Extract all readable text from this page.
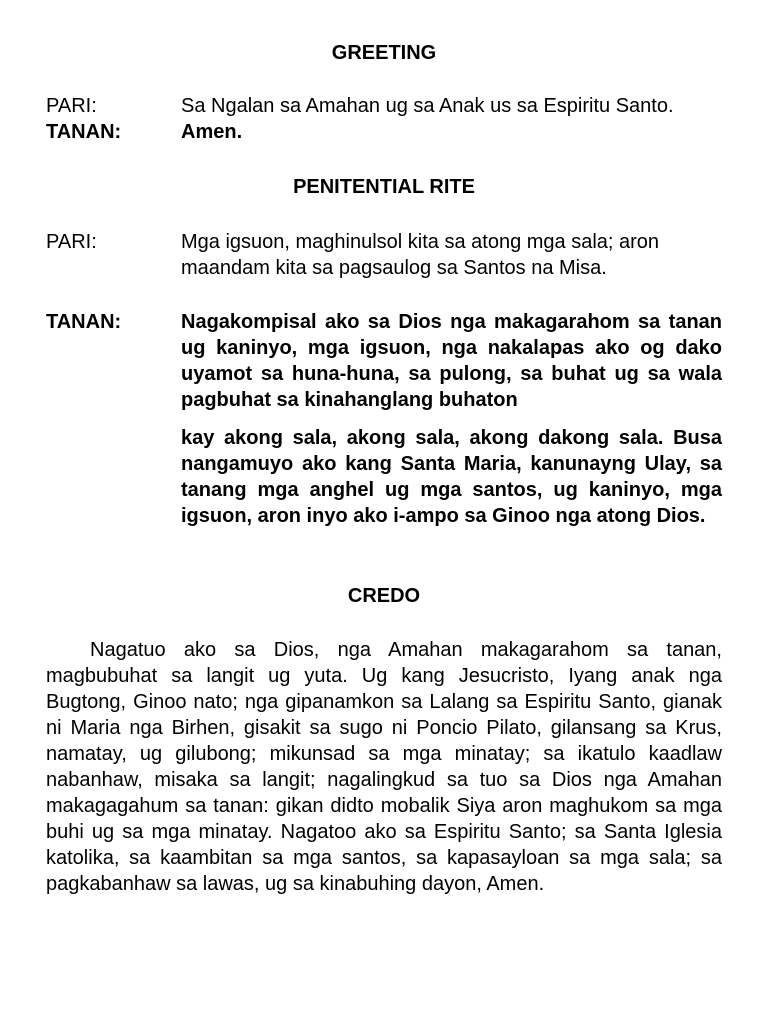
GREETING
PARI:	Sa Ngalan sa Amahan ug sa Anak us sa Espiritu Santo.
TANAN:	Amen.
PENITENTIAL RITE
PARI:	Mga igsuon, maghinulsol kita sa atong mga sala; aron maandam kita sa pagsaulog sa Santos na Misa.
TANAN:	Nagakompisal ako sa Dios nga makagarahom sa tanan ug kaninyo, mga igsuon, nga nakalapas ako og dako uyamot sa huna-huna, sa pulong, sa buhat ug sa wala pagbuhat sa kinahanglang buhaton
kay akong sala, akong sala, akong dakong sala. Busa nangamuyo ako kang Santa Maria, kanunayng Ulay, sa tanang mga anghel ug mga santos, ug kaninyo, mga igsuon, aron inyo ako i-ampo sa Ginoo nga atong Dios.
CREDO

Nagatuo ako sa Dios, nga Amahan makagarahom sa tanan, magbubuhat sa langit ug yuta. Ug kang Jesucristo, Iyang anak nga Bugtong, Ginoo nato; nga gipanamkon sa Lalang sa Espiritu Santo, gianak ni Maria nga Birhen, gisakit sa sugo ni Poncio Pilato, gilansang sa Krus, namatay, ug gilubong; mikunsad sa mga minatay; sa ikatulo kaadlaw nabanhaw, misaka sa langit; nagalingkud sa tuo sa Dios nga Amahan makagagahum sa tanan: gikan didto mobalik Siya aron maghukom sa mga buhi ug sa mga minatay. Nagatoo ako sa Espiritu Santo; sa Santa Iglesia katolika, sa kaambitan sa mga santos, sa kapasayloan sa mga sala; sa pagkabanhaw sa lawas, ug sa kinabuhing dayon, Amen.
